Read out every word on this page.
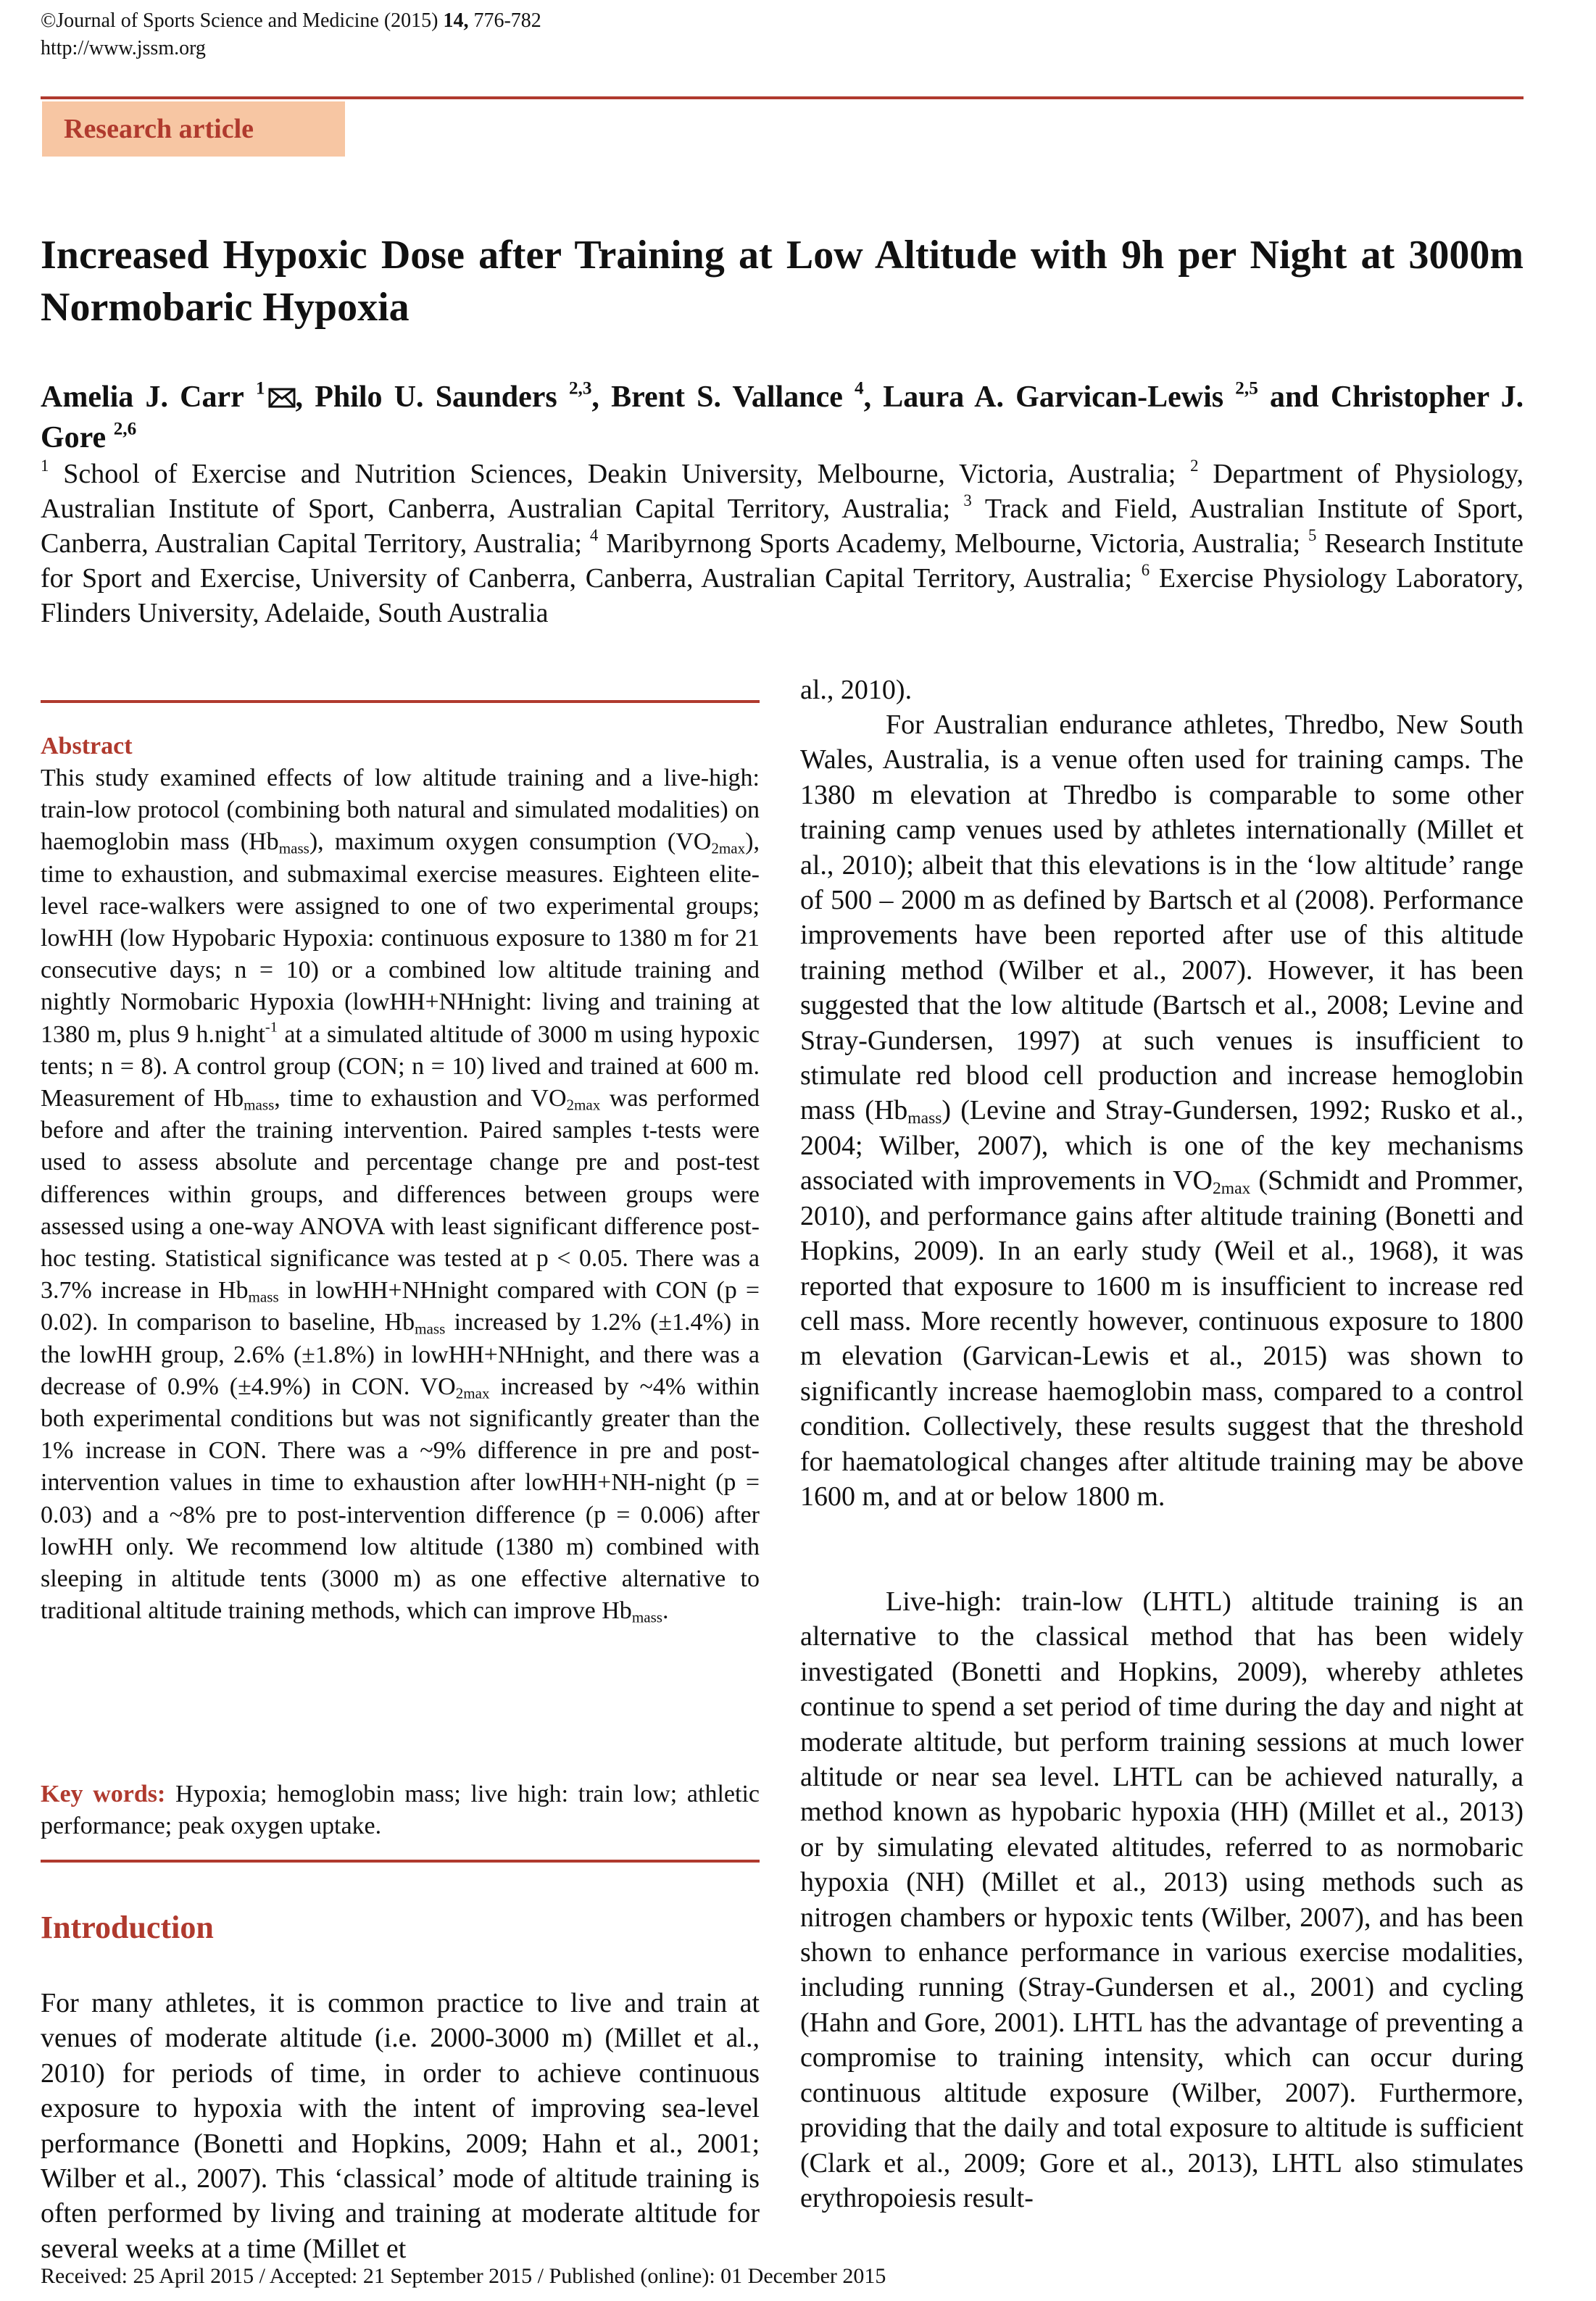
©Journal of Sports Science and Medicine (2015) 14, 776-782
http://www.jssm.org
Research article
Increased Hypoxic Dose after Training at Low Altitude with 9h per Night at 3000m Normobaric Hypoxia
Amelia J. Carr $^1$ , Philo U. Saunders $^{2,3}$, Brent S. Vallance $^4$, Laura A. Garvican-Lewis $^{2,5}$ and Christopher J. Gore $^{2,6}$
$^1$ School of Exercise and Nutrition Sciences, Deakin University, Melbourne, Victoria, Australia; $^2$ Department of Physiology, Australian Institute of Sport, Canberra, Australian Capital Territory, Australia; $^3$ Track and Field, Australian Institute of Sport, Canberra, Australian Capital Territory, Australia; $^4$ Maribyrnong Sports Academy, Melbourne, Victoria, Australia; $^5$ Research Institute for Sport and Exercise, University of Canberra, Canberra, Australian Capital Territory, Australia; $^6$ Exercise Physiology Laboratory, Flinders University, Adelaide, South Australia
Abstract

This study examined effects of low altitude training and a live-high: train-low protocol (combining both natural and simulated modalities) on haemoglobin mass $(Hb_{mass})$, maximum oxygen consumption $(VO_{2max})$, time to exhaustion, and submaximal exercise measures. Eighteen elite-level race-walkers were assigned to one of two experimental groups; lowHH (low Hypobaric Hypoxia: continuous exposure to 1380 m for 21 consecutive days; n = 10) or a combined low altitude training and nightly Normobaric Hypoxia (lowHH+NHnight: living and training at 1380 m, plus 9 h.night$^{-1}$ at a simulated altitude of 3000 m using hypoxic tents; n = 8). A control group (CON; n = 10) lived and trained at 600 m. Measurement of $Hb_{mass}$, time to exhaustion and $VO_{2max}$ was performed before and after the training intervention. Paired samples t-tests were used to assess absolute and percentage change pre and post-test differences within groups, and differences between groups were assessed using a one-way ANOVA with least significant difference post-hoc testing. Statistical significance was tested at p < 0.05. There was a 3.7% increase in $Hb_{mass}$ in lowHH+NHnight compared with CON (p = 0.02). In comparison to baseline, $Hb_{mass}$ increased by 1.2% (±1.4%) in the lowHH group, 2.6% (±1.8%) in lowHH+NHnight, and there was a decrease of 0.9% (±4.9%) in CON. $VO_{2max}$ increased by ~4% within both experimental conditions but was not significantly greater than the 1% increase in CON. There was a ~9% difference in pre and post-intervention values in time to exhaustion after lowHH+NH-night (p = 0.03) and a ~8% pre to post-intervention difference (p = 0.006) after lowHH only. We recommend low altitude (1380 m) combined with sleeping in altitude tents (3000 m) as one effective alternative to traditional altitude training methods, which can improve $Hb_{mass}$.

Key words: Hypoxia; hemoglobin mass; live high: train low; athletic performance; peak oxygen uptake.

Introduction

For many athletes, it is common practice to live and train at venues of moderate altitude (i.e. 2000-3000 m) (Millet et al., 2010) for periods of time, in order to achieve continuous exposure to hypoxia with the intent of improving sea-level performance (Bonetti and Hopkins, 2009; Hahn et al., 2001; Wilber et al., 2007). This ‘classical’ mode of altitude training is often performed by living and training at moderate altitude for several weeks at a time (Millet et

al., 2010).

For Australian endurance athletes, Thredbo, New South Wales, Australia, is a venue often used for training camps. The 1380 m elevation at Thredbo is comparable to some other training camp venues used by athletes internationally (Millet et al., 2010); albeit that this elevations is in the ‘low altitude’ range of 500 – 2000 m as defined by Bartsch et al (2008). Performance improvements have been reported after use of this altitude training method (Wilber et al., 2007). However, it has been suggested that the low altitude (Bartsch et al., 2008; Levine and Stray-Gundersen, 1997) at such venues is insufficient to stimulate red blood cell production and increase hemoglobin mass $(Hb_{mass})$ (Levine and Stray-Gundersen, 1992; Rusko et al., 2004; Wilber, 2007), which is one of the key mechanisms associated with improvements in $VO_{2max}$ (Schmidt and Prommer, 2010), and performance gains after altitude training (Bonetti and Hopkins, 2009). In an early study (Weil et al., 1968), it was reported that exposure to 1600 m is insufficient to increase red cell mass. More recently however, continuous exposure to 1800 m elevation (Garvican-Lewis et al., 2015) was shown to significantly increase haemoglobin mass, compared to a control condition. Collectively, these results suggest that the threshold for haematological changes after altitude training may be above 1600 m, and at or below 1800 m.

Live-high: train-low (LHTL) altitude training is an alternative to the classical method that has been widely investigated (Bonetti and Hopkins, 2009), whereby athletes continue to spend a set period of time during the day and night at moderate altitude, but perform training sessions at much lower altitude or near sea level. LHTL can be achieved naturally, a method known as hypobaric hypoxia (HH) (Millet et al., 2013) or by simulating elevated altitudes, referred to as normobaric hypoxia (NH) (Millet et al., 2013) using methods such as nitrogen chambers or hypoxic tents (Wilber, 2007), and has been shown to enhance performance in various exercise modalities, including running (Stray-Gundersen et al., 2001) and cycling (Hahn and Gore, 2001). LHTL has the advantage of preventing a compromise to training intensity, which can occur during continuous altitude exposure (Wilber, 2007). Furthermore, providing that the daily and total exposure to altitude is sufficient (Clark et al., 2009; Gore et al., 2013), LHTL also stimulates erythropoiesis result-

Received: 25 April 2015 / Accepted: 21 September 2015 / Published (online): 01 December 2015
